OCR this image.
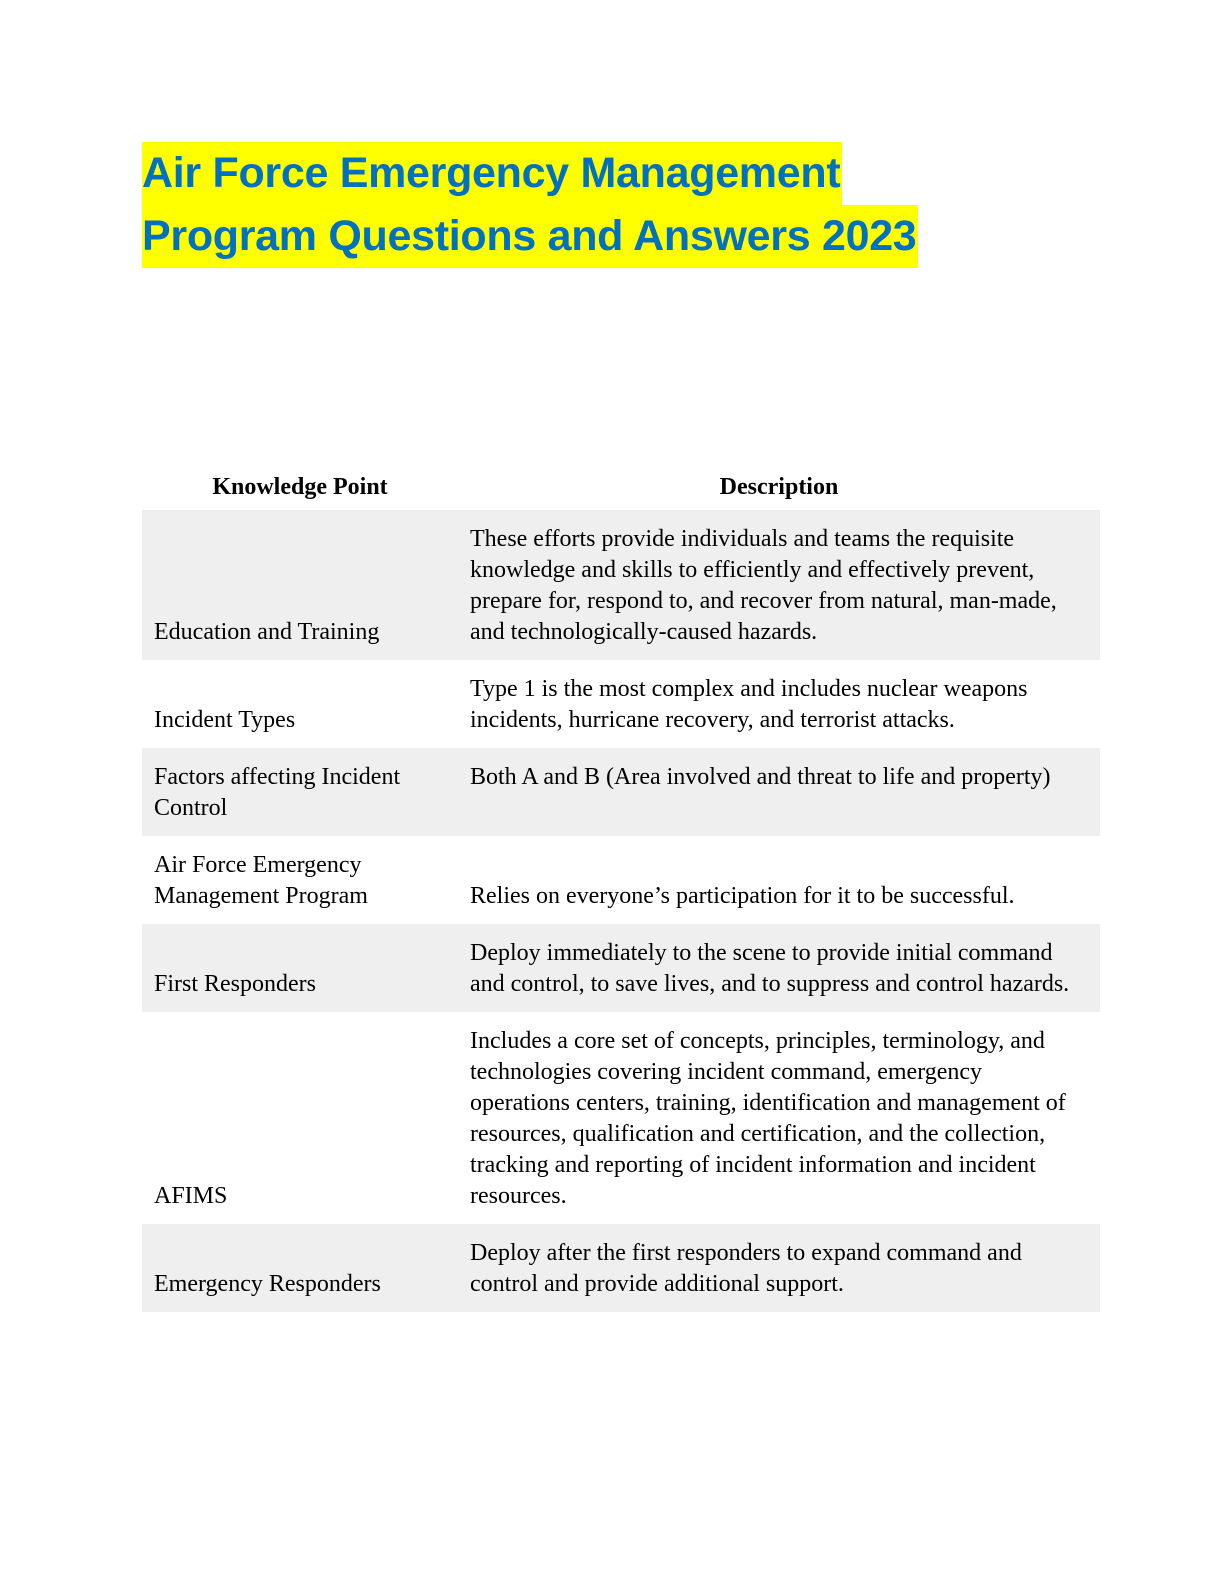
Air Force Emergency Management
Program Questions and Answers 2023
Knowledge Point	Description
Education and Training	These efforts provide individuals and teams the requisite knowledge and skills to efficiently and effectively prevent, prepare for, respond to, and recover from natural, man-made, and technologically-caused hazards.
Incident Types	Type 1 is the most complex and includes nuclear weapons incidents, hurricane recovery, and terrorist attacks.
Factors affecting Incident Control	Both A and B (Area involved and threat to life and property)
Air Force Emergency Management Program	Relies on everyone’s participation for it to be successful.
First Responders	Deploy immediately to the scene to provide initial command and control, to save lives, and to suppress and control hazards.
AFIMS	Includes a core set of concepts, principles, terminology, and technologies covering incident command, emergency operations centers, training, identification and management of resources, qualification and certification, and the collection, tracking and reporting of incident information and incident resources.
Emergency Responders	Deploy after the first responders to expand command and control and provide additional support.
